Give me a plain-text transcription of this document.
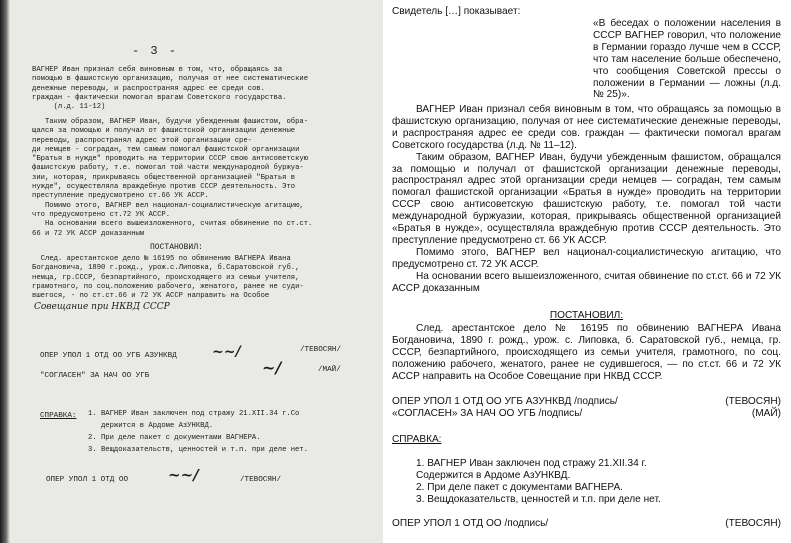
- 3 -
ВАГНЕР Иван признал себя виновным в том, что, обращаясь за
помощью в фашистскую организацию, получая от нее систематические
денежные переводы, и распространяя адрес ее среди сов.
граждан - фактически помогал врагам Советского государства.
(л.д. 11-12)
Таким образом, ВАГНЕР Иван, будучи убежденным фашистом, обра-
щался за помощью и получал от фашистской организации денежные
переводы, распространял адрес этой организации сре-
ди немцев - соградан, тем самым помогал фашистской организации
"Братья в нужде" проводить на территории СССР свою антисоветскую
фашистскую работу, т.е. помогал той части международной буржуа-
зии, которая, прикрываясь общественной организацией "Братья в
нужде", осуществляла враждебную против СССР деятельность. Это
преступление предусмотрено ст.66 УК АССР.
Помимо этого, ВАГНЕР вел национал-социалистическую агитацию,
что предусмотрено ст.72 УК АССР.
На основании всего вышеизложенного, считая обвинение по ст.ст.
66 и 72 УК АССР доказанным
ПОСТАНОВИЛ:
След. арестантское дело № 16195 по обвинению ВАГНЕРА Ивана
Богдановича, 1890 г.рожд., урож.с.Липовка, б.Саратовской губ.,
немца, гр.СССР, безпартийного, происходящего из семьи учителя,
грамотного, по соц.положению рабочего, женатого, ранее не суди-
вшегося, - по ст.ст.66 и 72 УК АССР направить на Особое
Совещание при НКВД СССР
ОПЕР УПОЛ 1 ОТД ОО УГБ АЗУНКВД	~~/	/ТЕВОСЯН/
"СОГЛАСЕН" ЗА НАЧ ОО УГБ	~/	/МАЙ/
СПРАВКА: 1. ВАГНЕР Иван заключен под стражу 21.XII.34 г.Со
держится в Ардоме АзУНКВД.
2. При деле пакет с документами ВАГНЕРА.
3. Вещдоказательств, ценностей и т.п. при деле нет.
ОПЕР УПОЛ 1 ОТД ОО	~~/	/ТЕВОСЯН/

Свидетель […] показывает:

«В беседах о положении населения в СССР ВАГНЕР говорил, что положение в Германии гораздо лучше чем в СССР, что там население больше обеспечено, что сообщения Советской прессы о положении в Германии — ложны (л.д. № 25)».

ВАГНЕР Иван признал себя виновным в том, что обращаясь за помощью в фашистскую организацию, получая от нее систематические денежные переводы, и распространяя адрес ее среди сов. граждан — фактически помогал врагам Советского государства (л.д. № 11–12).

Таким образом, ВАГНЕР Иван, будучи убежденным фашистом, обращался за помощью и получал от фашистской организации денежные переводы, распространял адрес этой организации среди немцев — соградан, тем самым помогал фашистской организации «Братья в нужде» проводить на территории СССР свою антисоветскую фашистскую работу, т.е. помогал той части международной буржуазии, которая, прикрываясь общественной организацией «Братья в нужде», осуществляла враждебную против СССР деятельность. Это преступление предусмотрено ст. 66 УК АССР.

Помимо этого, ВАГНЕР вел национал-социалистическую агитацию, что предусмотрено ст. 72 УК АССР.

На основании всего вышеизложенного, считая обвинение по ст.ст. 66 и 72 УК АССР доказанным

ПОСТАНОВИЛ:

След. арестантское дело № 16195 по обвинению ВАГНЕРА Ивана Богдановича, 1890 г. рожд., урож. с. Липовка, б. Саратовской губ., немца, гр. СССР, безпартийного, происходящего из семьи учителя, грамотного, по соц. положению рабочего, женатого, ранее не судившегося, — по ст.ст. 66 и 72 УК АССР направить на Особое Совещание при НКВД СССР.

ОПЕР УПОЛ 1 ОТД ОО УГБ АЗУНКВД /подпись/	(ТЕВОСЯН)
«СОГЛАСЕН» ЗА НАЧ ОО УГБ /подпись/	(МАЙ)

СПРАВКА:

1. ВАГНЕР Иван заключен под стражу 21.XII.34 г.

Содержится в Ардоме АзУНКВД.

2. При деле пакет с документами ВАГНЕРА.

3. Вещдоказательств, ценностей и т.п. при деле нет.

ОПЕР УПОЛ 1 ОТД ОО /подпись/	(ТЕВОСЯН)
